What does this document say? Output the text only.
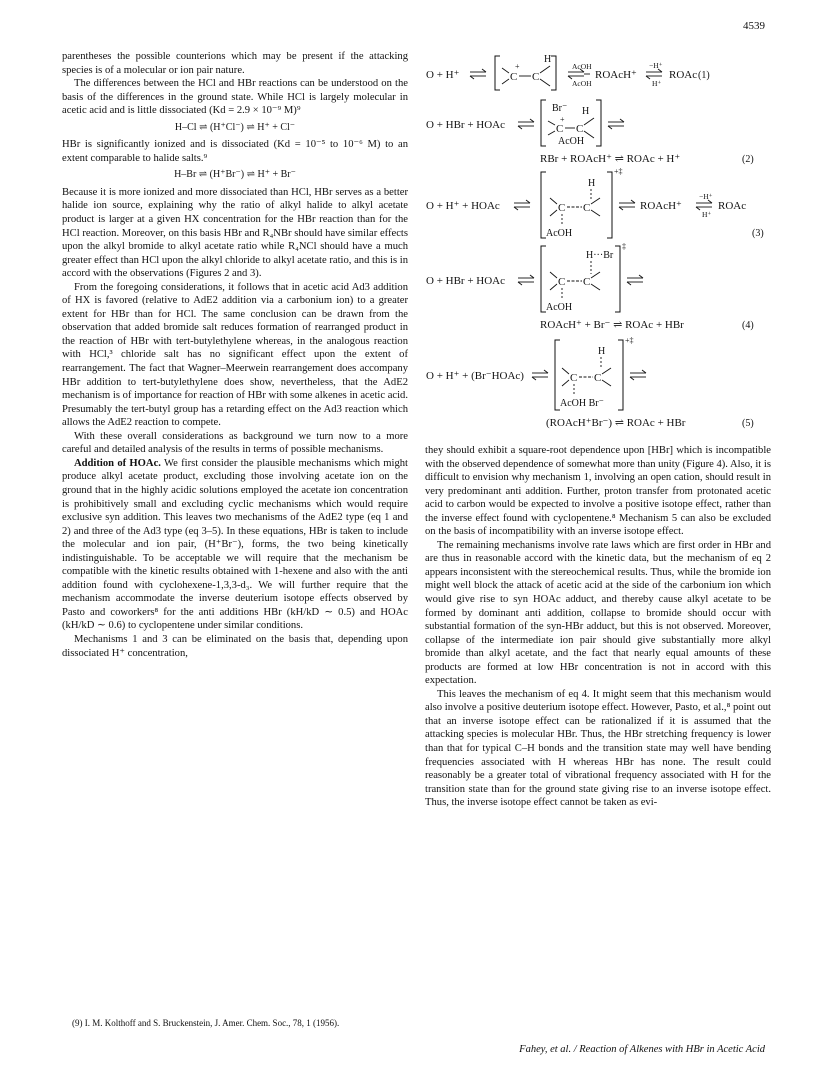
4539

parentheses the possible counterions which may be present if the attacking species is of a molecular or ion pair nature.

The differences between the HCl and HBr reactions can be understood on the basis of the differences in the ground state. While HCl is largely molecular in acetic acid and is little dissociated (Kd = 2.9 × 10⁻⁹ M)⁹

H–Cl ⇌ (H⁺Cl⁻) ⇌ H⁺ + Cl⁻

HBr is significantly ionized and is dissociated (Kd = 10⁻⁵ to 10⁻⁶ M) to an extent comparable to halide salts.⁹

H–Br ⇌ (H⁺Br⁻) ⇌ H⁺ + Br⁻

Because it is more ionized and more dissociated than HCl, HBr serves as a better halide ion source, explaining why the ratio of alkyl halide to alkyl acetate product is larger at a given HX concentration for the HBr reaction than for the HCl reaction. Moreover, on this basis HBr and R₄NBr should have similar effects upon the alkyl bromide to alkyl acetate ratio while R₄NCl should have a much greater effect than HCl upon the alkyl chloride to alkyl acetate ratio, and this is in accord with the observations (Figures 2 and 3).

From the foregoing considerations, it follows that in acetic acid Ad3 addition of HX is favored (relative to AdE2 addition via a carbonium ion) to a greater extent for HBr than for HCl. The same conclusion can be drawn from the observation that added bromide salt reduces formation of rearranged product in the reaction of HBr with tert-butylethylene whereas, in the analogous reaction with HCl,³ chloride salt has no significant effect upon the extent of rearrangement. The fact that Wagner–Meerwein rearrangement does accompany HBr addition to tert-butylethylene does show, nevertheless, that the AdE2 mechanism is of importance for reaction of HBr with some alkenes in acetic acid. Presumably the tert-butyl group has a retarding effect on the Ad3 reaction which allows the AdE2 reaction to compete.

With these overall considerations as background we turn now to a more careful and detailed analysis of the results in terms of possible mechanisms.

Addition of HOAc. We first consider the plausible mechanisms which might produce alkyl acetate product, excluding those involving acetate ion on the ground that in the highly acidic solutions employed the acetate ion concentration is prohibitively small and excluding cyclic mechanisms which would require exclusive syn addition. This leaves two mechanisms of the AdE2 type (eq 1 and 2) and three of the Ad3 type (eq 3–5). In these equations, HBr is taken to include the molecular and ion pair, (H⁺Br⁻), forms, the two being kinetically indistinguishable. To be acceptable we will require that the mechanism be compatible with the kinetic results obtained with 1-hexene and also with the anti addition found with cyclohexene-1,3,3-d₃. We will further require that the mechanism accommodate the inverse deuterium isotope effects observed by Pasto and coworkers⁸ for the anti additions HBr (kH/kD ∼ 0.5) and HOAc (kH/kD ∼ 0.6) to cyclopentene under similar conditions.

Mechanisms 1 and 3 can be eliminated on the basis that, depending upon dissociated H⁺ concentration,

(9) I. M. Kolthoff and S. Bruckenstein, J. Amer. Chem. Soc., 78, 1 (1956).
O + H⁺
+
C C
H
AcOH
AcOH
ROAcH⁺
−H⁺
H⁺
ROAc (1)
O + HBr + HOAc
Br⁻ H
+
C C
AcOH
RBr + ROAcH⁺ ⇌ ROAc + H⁺	(2)
O + H⁺ + HOAc
H
C C
AcOH
+‡
ROAcH⁺
−H⁺
H⁺
ROAc
(3)
O + HBr + HOAc
H···Br
C C
AcOH
‡
ROAcH⁺ + Br⁻ ⇌ ROAc + HBr	(4)
O + H⁺ + (Br⁻HOAc)
H
C C
AcOH Br⁻
+‡
(ROAcH⁺Br⁻) ⇌ ROAc + HBr	(5)

they should exhibit a square-root dependence upon [HBr] which is incompatible with the observed dependence of somewhat more than unity (Figure 4). Also, it is difficult to envision why mechanism 1, involving an open cation, should result in very predominant anti addition. Further, proton transfer from protonated acetic acid to carbon would be expected to involve a positive isotope effect, rather than the inverse effect found with cyclopentene.⁸ Mechanism 5 can also be excluded on the basis of incompatibility with an inverse isotope effect.

The remaining mechanisms involve rate laws which are first order in HBr and are thus in reasonable accord with the kinetic data, but the mechanism of eq 2 appears inconsistent with the stereochemical results. Thus, while the bromide ion might well block the attack of acetic acid at the side of the carbonium ion which would give rise to syn HOAc adduct, and thereby cause alkyl acetate to be formed by dominant anti addition, collapse to bromide should occur with substantial formation of the syn-HBr adduct, but this is not observed. Moreover, collapse of the intermediate ion pair should give substantially more alkyl bromide than alkyl acetate, and the fact that nearly equal amounts of these products are formed at low HBr concentration is not in accord with this expectation.

This leaves the mechanism of eq 4. It might seem that this mechanism would also involve a positive deuterium isotope effect. However, Pasto, et al.,⁸ point out that an inverse isotope effect can be rationalized if it is assumed that the attacking species is molecular HBr. Thus, the HBr stretching frequency is lower than that for typical C–H bonds and the transition state may well have bending frequencies associated with H whereas HBr has none. The result could reasonably be a greater total of vibrational frequency associated with H for the transition state than for the ground state giving rise to an inverse isotope effect. Thus, the inverse isotope effect cannot be taken as evi-

Fahey, et al. / Reaction of Alkenes with HBr in Acetic Acid
